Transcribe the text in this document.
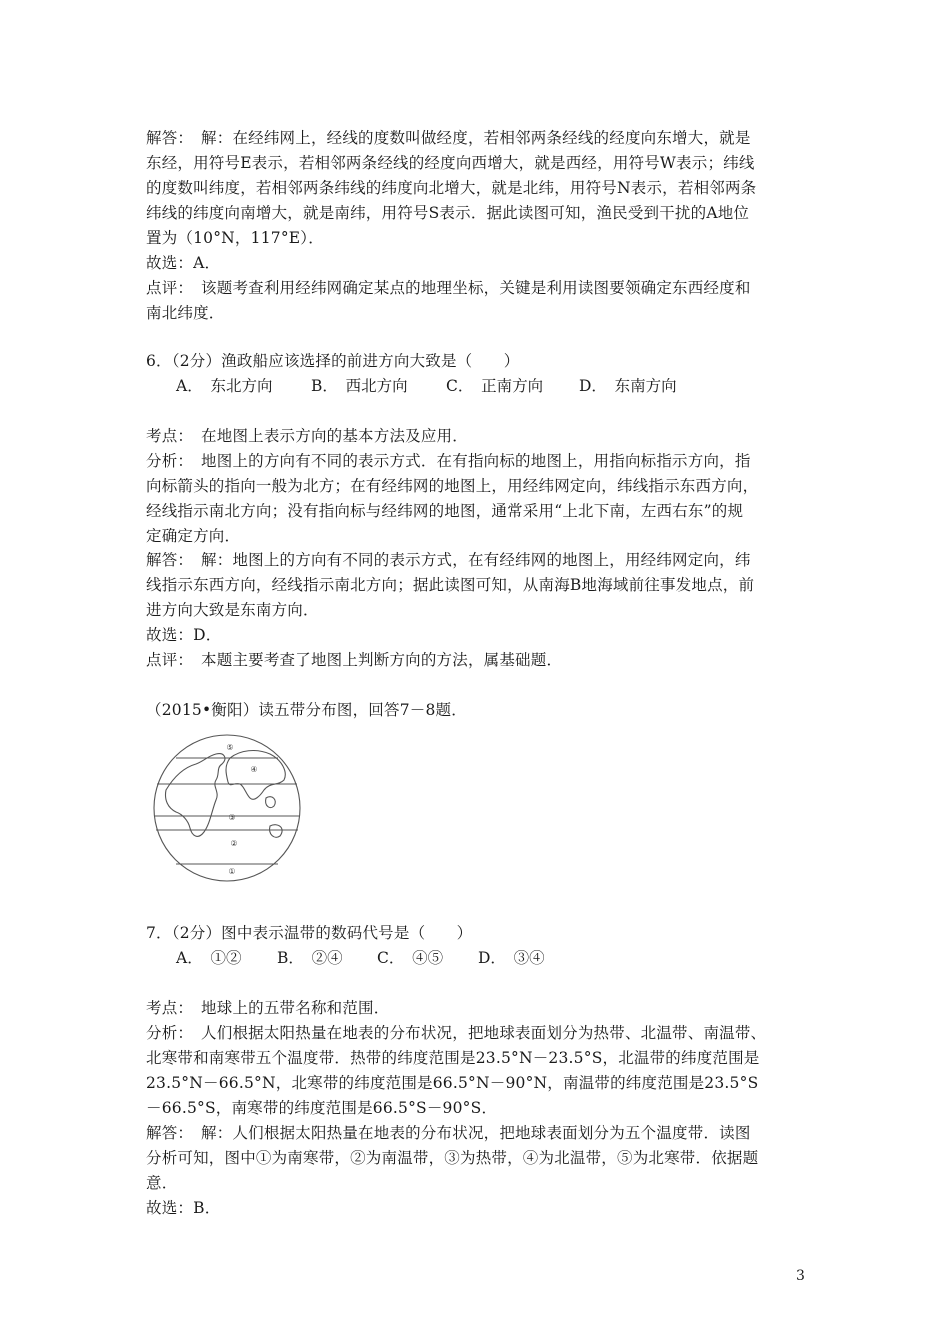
解答：　解：在经纬网上，经线的度数叫做经度，若相邻两条经线的经度向东增大，就是
东经，用符号E表示，若相邻两条经线的经度向西增大，就是西经，用符号W表示；纬线
的度数叫纬度，若相邻两条纬线的纬度向北增大，就是北纬，用符号N表示，若相邻两条
纬线的纬度向南增大，就是南纬，用符号S表示．据此读图可知，渔民受到干扰的A地位
置为（10°N，117°E）．
故选：A．
点评：　该题考查利用经纬网确定某点的地理坐标，关键是利用读图要领确定东西经度和
南北纬度．
6．（2分）渔政船应该选择的前进方向大致是（　　）
A．　东北方向 B．　西北方向 C．　正南方向 D．　东南方向
考点：　在地图上表示方向的基本方法及应用．
分析：　地图上的方向有不同的表示方式．在有指向标的地图上，用指向标指示方向，指
向标箭头的指向一般为北方；在有经纬网的地图上，用经纬网定向，纬线指示东西方向，
经线指示南北方向；没有指向标与经纬网的地图，通常采用“上北下南，左西右东”的规
定确定方向．
解答：　解：地图上的方向有不同的表示方式，在有经纬网的地图上，用经纬网定向，纬
线指示东西方向，经线指示南北方向；据此读图可知，从南海B地海域前往事发地点，前
进方向大致是东南方向．
故选：D．
点评：　本题主要考查了地图上判断方向的方法，属基础题．
（2015•衡阳）读五带分布图，回答7－8题．
⑤
④
③
②
①
7．（2分）图中表示温带的数码代号是（　　）
A．　①② B．　②④ C．　④⑤ D．　③④
考点：　地球上的五带名称和范围．
分析：　人们根据太阳热量在地表的分布状况，把地球表面划分为热带、北温带、南温带、
北寒带和南寒带五个温度带．热带的纬度范围是23.5°N－23.5°S，北温带的纬度范围是
23.5°N－66.5°N，北寒带的纬度范围是66.5°N－90°N，南温带的纬度范围是23.5°S
－66.5°S，南寒带的纬度范围是66.5°S－90°S．
解答：　解：人们根据太阳热量在地表的分布状况，把地球表面划分为五个温度带．读图
分析可知，图中①为南寒带，②为南温带，③为热带，④为北温带，⑤为北寒带．依据题
意．
故选：B．
3
